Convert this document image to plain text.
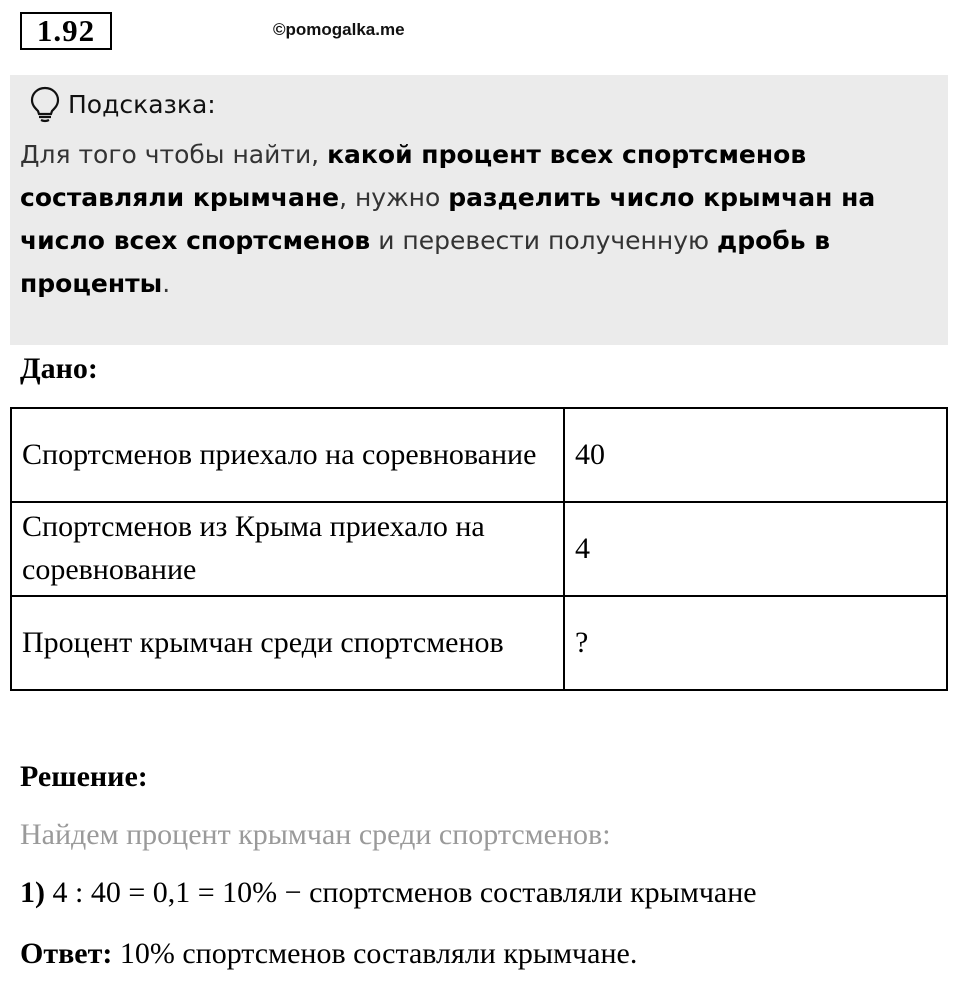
1.92	©pomogalka.me
Подсказка:
Для того чтобы найти, какой процент всех спортсменов составляли крымчане, нужно разделить число крымчан на число всех спортсменов и перевести полученную дробь в проценты.
Дано:
Спортсменов приехало на соревнование	40
Спортсменов из Крыма приехало на соревнование	4
Процент крымчан среди спортсменов	?
Решение:
Найдем процент крымчан среди спортсменов:
1) 4 : 40 = 0,1 = 10% − спортсменов составляли крымчане
Ответ: 10% спортсменов составляли крымчане.
